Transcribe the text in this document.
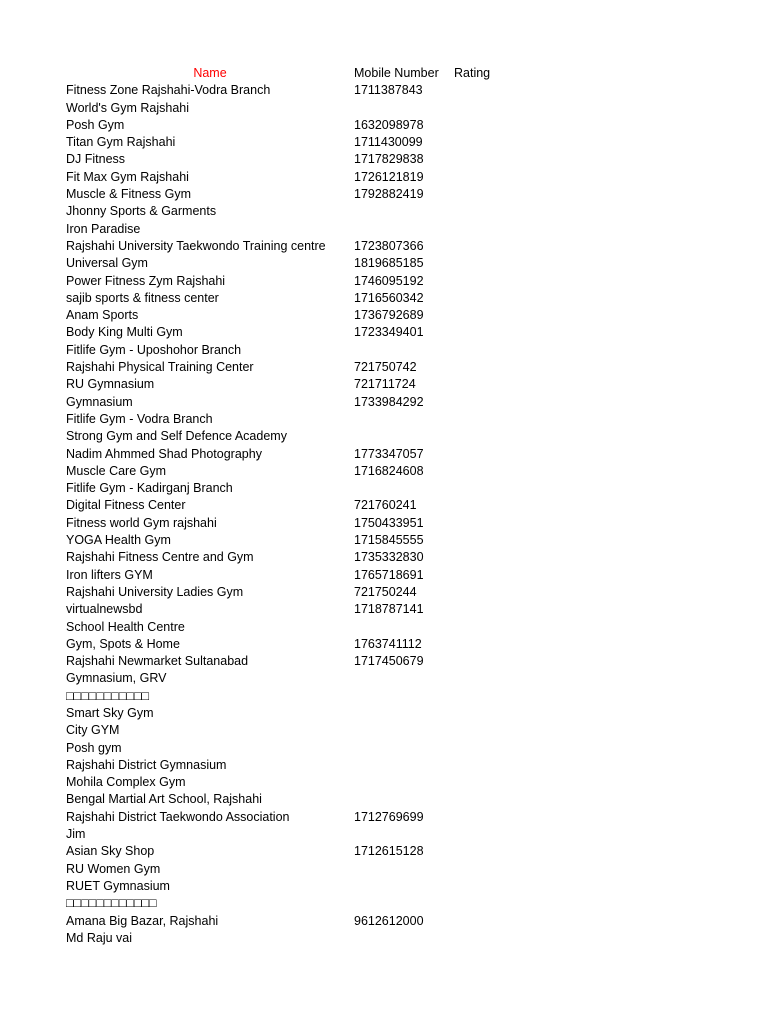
Name	Mobile Number	Rating
Fitness Zone Rajshahi-Vodra Branch	1711387843
World's Gym Rajshahi
Posh Gym	1632098978
Titan Gym Rajshahi	1711430099
DJ Fitness	1717829838
Fit Max Gym Rajshahi	1726121819
Muscle & Fitness Gym	1792882419
Jhonny Sports & Garments
Iron Paradise
Rajshahi University Taekwondo Training centre	1723807366
Universal Gym	1819685185
Power Fitness Zym Rajshahi	1746095192
sajib sports & fitness center	1716560342
Anam Sports	1736792689
Body King Multi Gym	1723349401
Fitlife Gym - Uposhohor Branch
Rajshahi Physical Training Center	721750742
RU Gymnasium	721711724
Gymnasium	1733984292
Fitlife Gym - Vodra Branch
Strong Gym and Self Defence Academy
Nadim Ahmmed Shad Photography	1773347057
Muscle Care Gym	1716824608
Fitlife Gym - Kadirganj Branch
Digital Fitness Center	721760241
Fitness world Gym rajshahi	1750433951
YOGA Health Gym	1715845555
Rajshahi Fitness Centre and Gym	1735332830
Iron lifters GYM	1765718691
Rajshahi University Ladies Gym	721750244
virtualnewsbd	1718787141
School Health Centre
Gym, Spots & Home	1763741112
Rajshahi Newmarket Sultanabad	1717450679
Gymnasium, GRV
□□□□□□□□□□□
Smart Sky Gym
City GYM
Posh gym
Rajshahi District Gymnasium
Mohila Complex Gym
Bengal Martial Art School, Rajshahi
Rajshahi District Taekwondo Association	1712769699
Jim
Asian Sky Shop	1712615128
RU Women Gym
RUET Gymnasium
□□□□□□□□□□□□
Amana Big Bazar, Rajshahi	9612612000
Md Raju vai
